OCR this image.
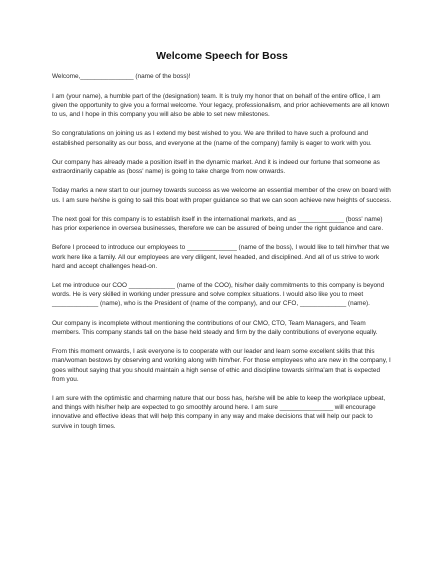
Welcome Speech for Boss

Welcome,_______________ (name of the boss)!

I am (your name), a humble part of the (designation) team. It is truly my honor that on behalf of the entire office, I am given the opportunity to give you a formal welcome. Your legacy, professionalism, and prior achievements are all known to us, and I hope in this company you will also be able to set new milestones.

So congratulations on joining us as I extend my best wished to you. We are thrilled to have such a profound and established personality as our boss, and everyone at the (name of the company) family is eager to work with you.

Our company has already made a position itself in the dynamic market. And it is indeed our fortune that someone as extraordinarily capable as (boss' name) is going to take charge from now onwards.

Today marks a new start to our journey towards success as we welcome an essential member of the crew on board with us. I am sure he/she is going to sail this boat with proper guidance so that we can soon achieve new heights of success.

The next goal for this company is to establish itself in the international markets, and as _____________ (boss' name) has prior experience in oversea businesses, therefore we can be assured of being under the right guidance and care.

Before I proceed to introduce our employees to ______________ (name of the boss), I would like to tell him/her that we work here like a family. All our employees are very diligent, level headed, and disciplined. And all of us strive to work hard and accept challenges head-on.

Let me introduce our COO _____________ (name of the COO), his/her daily commitments to this company is beyond words. He is very skilled in working under pressure and solve complex situations. I would also like you to meet _____________ (name), who is the President of (name of the company), and our CFO, _____________ (name).

Our company is incomplete without mentioning the contributions of our CMO, CTO, Team Managers, and Team members. This company stands tall on the base held steady and firm by the daily contributions of everyone equally.

From this moment onwards, I ask everyone is to cooperate with our leader and learn some excellent skills that this man/woman bestows by observing and working along with him/her. For those employees who are new in the company, I goes without saying that you should maintain a high sense of ethic and discipline towards sir/ma'am that is expected from you.

I am sure with the optimistic and charming nature that our boss has, he/she will be able to keep the workplace upbeat, and things with his/her help are expected to go smoothly around here. I am sure _______________ will encourage innovative and effective ideas that will help this company in any way and make decisions that will help our pack to survive in tough times.
